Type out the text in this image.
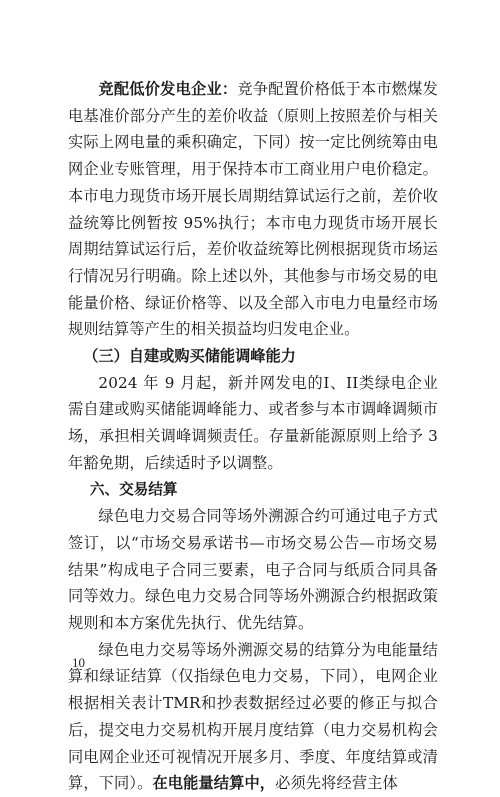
竞配低价发电企业：竞争配置价格低于本市燃煤发电基准价部分产生的差价收益（原则上按照差价与相关实际上网电量的乘积确定，下同）按一定比例统筹由电网企业专账管理，用于保持本市工商业用户电价稳定。本市电力现货市场开展长周期结算试运行之前，差价收益统筹比例暂按 95%执行；本市电力现货市场开展长周期结算试运行后，差价收益统筹比例根据现货市场运行情况另行明确。除上述以外，其他参与市场交易的电能量价格、绿证价格等、以及全部入市电力电量经市场规则结算等产生的相关损益均归发电企业。

（三）自建或购买储能调峰能力

2024 年 9 月起，新并网发电的I、II类绿电企业需自建或购买储能调峰能力、或者参与本市调峰调频市场，承担相关调峰调频责任。存量新能源原则上给予 3 年豁免期，后续适时予以调整。

六、交易结算

绿色电力交易合同等场外溯源合约可通过电子方式签订，以“市场交易承诺书—市场交易公告—市场交易结果”构成电子合同三要素，电子合同与纸质合同具备同等效力。绿色电力交易合同等场外溯源合约根据政策规则和本方案优先执行、优先结算。

绿色电力交易等场外溯源交易的结算分为电能量结算和绿证结算（仅指绿色电力交易，下同），电网企业根据相关表计TMR和抄表数据经过必要的修正与拟合后，提交电力交易机构开展月度结算（电力交易机构会同电网企业还可视情况开展多月、季度、年度结算或清算，下同）。在电能量结算中，必须先将经营主体

10
